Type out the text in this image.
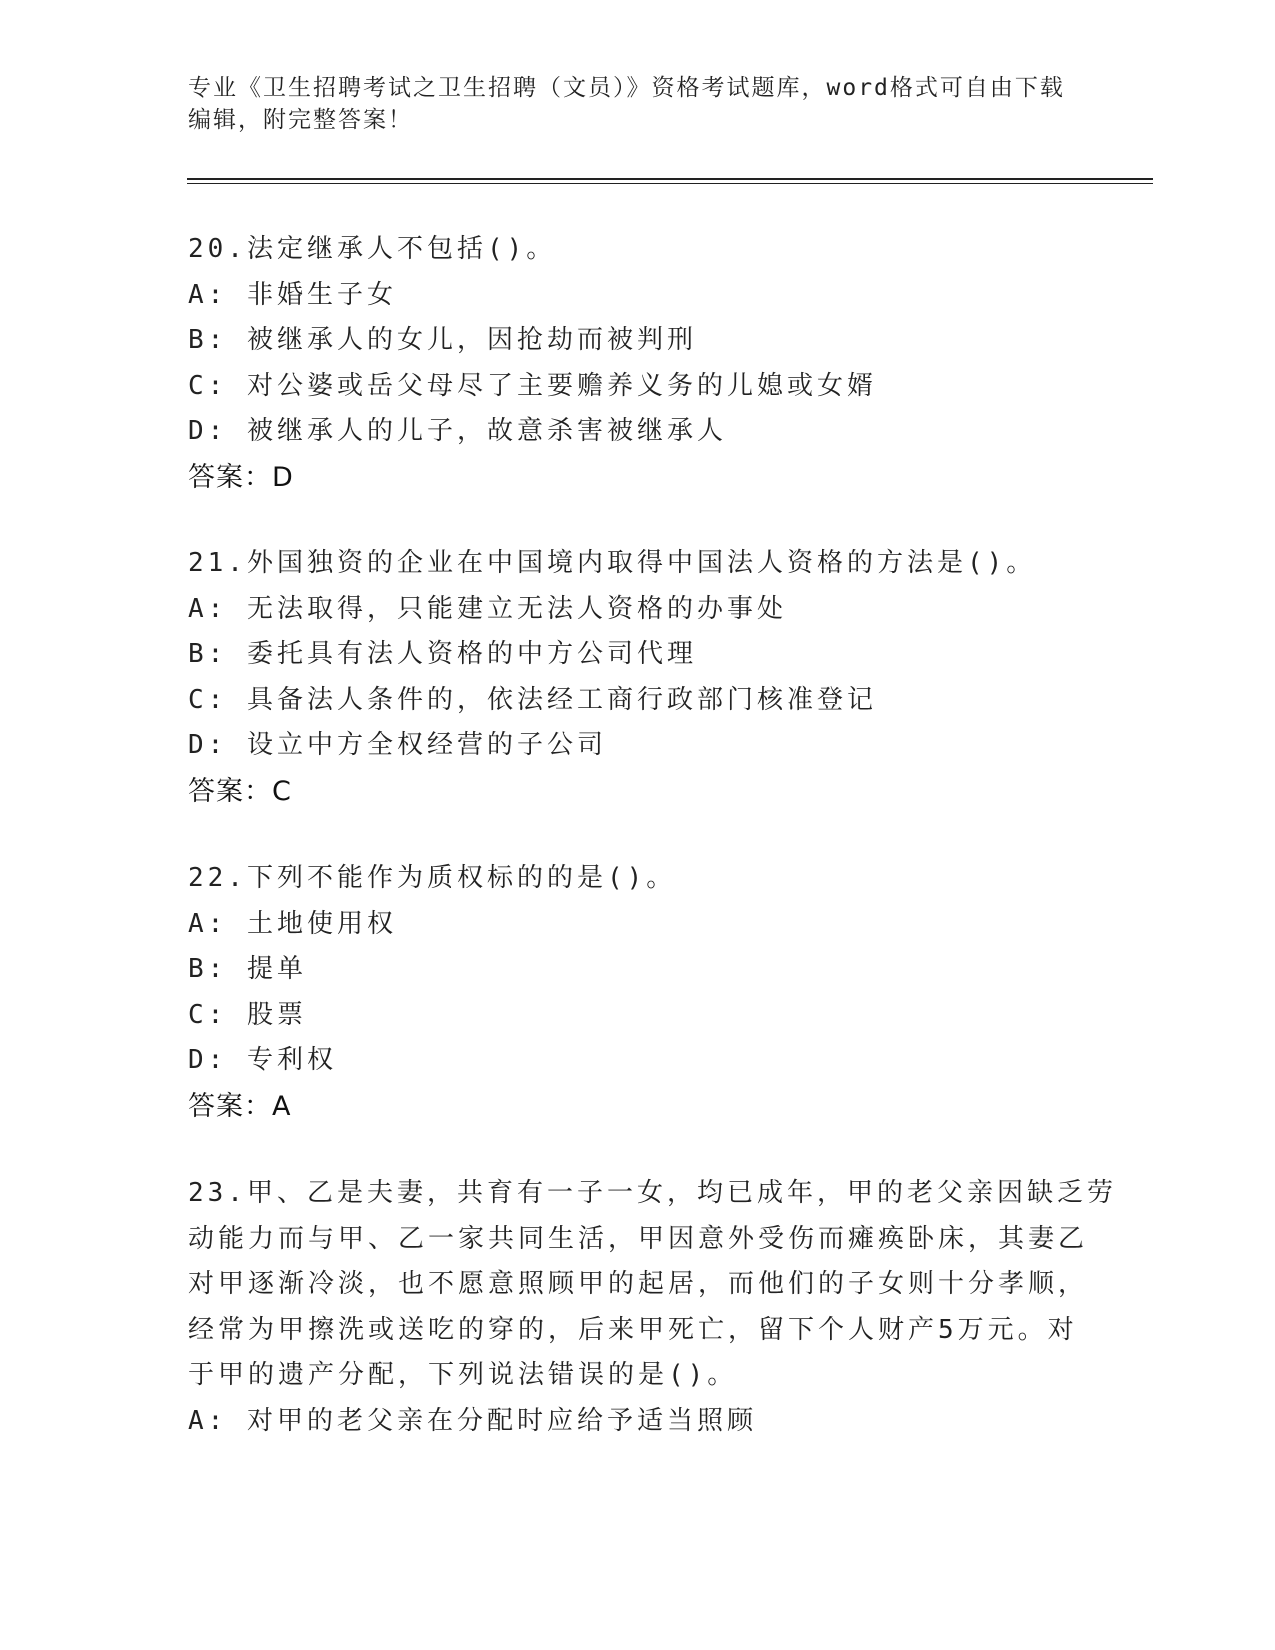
专业《卫生招聘考试之卫生招聘（文员）》资格考试题库，word格式可自由下载
编辑，附完整答案！
20.法定继承人不包括()。
A: 非婚生子女
B: 被继承人的女儿，因抢劫而被判刑
C: 对公婆或岳父母尽了主要赡养义务的儿媳或女婿
D: 被继承人的儿子，故意杀害被继承人
答案：D
21.外国独资的企业在中国境内取得中国法人资格的方法是()。
A: 无法取得，只能建立无法人资格的办事处
B: 委托具有法人资格的中方公司代理
C: 具备法人条件的，依法经工商行政部门核准登记
D: 设立中方全权经营的子公司
答案：C
22.下列不能作为质权标的的是()。
A: 土地使用权
B: 提单
C: 股票
D: 专利权
答案：A
23.甲、乙是夫妻，共育有一子一女，均已成年，甲的老父亲因缺乏劳
动能力而与甲、乙一家共同生活，甲因意外受伤而瘫痪卧床，其妻乙
对甲逐渐冷淡，也不愿意照顾甲的起居，而他们的子女则十分孝顺，
经常为甲擦洗或送吃的穿的，后来甲死亡，留下个人财产5万元。对
于甲的遗产分配，下列说法错误的是()。
A: 对甲的老父亲在分配时应给予适当照顾
